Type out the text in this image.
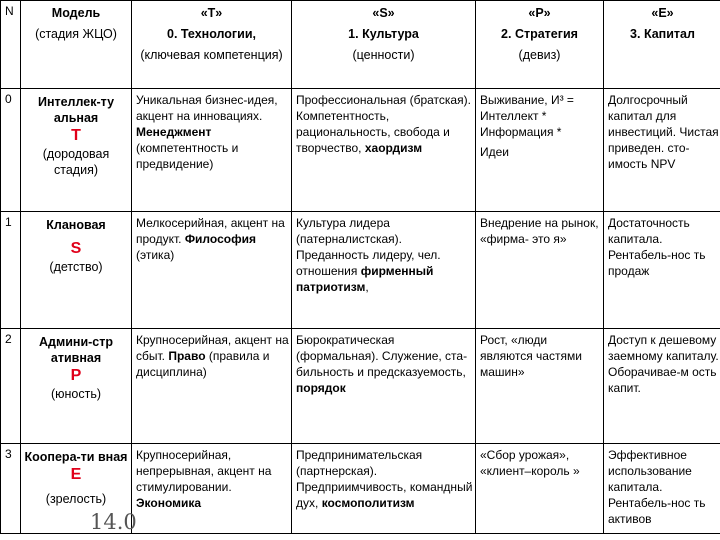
N	Модель
(стадия ЖЦО)	«T»
0. Технологии,
(ключевая компетенция)	«S»
1. Культура
(ценности)	«P»
2. Стратегия
(девиз)	«E»
3. Капитал

0	Интеллек-ту альная
T
(дородовая стадия)	Уникальная бизнес-идея, акцент на инновациях. Менеджмент (компетентность и предвидение)	Профессиональная (братская). Компетентность, рациональность, свобода и творчество, хаордизм	Выживание, И³ = Интеллект * Информация *
Идеи	Долгосрочный капитал для инвестиций. Чистая приведен. сто-имость NPV

1	Клановая
S
(детство)	Мелкосерийная, акцент на продукт. Философия (этика)	Культура лидера (патерналистская). Преданность лидеру, чел. отношения фирменный патриотизм,	Внедрение на рынок, «фирма- это я»	Достаточность капитала. Рентабель-нос ть продаж

2	Админи-стр ативная
P
(юность)	Крупносерийная, акцент на сбыт. Право (правила и дисциплина)	Бюрократическая (формальная). Служение, ста-бильность и предсказуемость, порядок	Рост, «люди являются частями машин»	Доступ к дешевому заемному капиталу. Оборачивае-м ость капит.

3	Коопера-ти вная
E
(зрелость)	Крупносерийная, непрерывная, акцент на стимулировании. Экономика	Предпринимательская (партнерская). Предприимчивость, командный дух, космополитизм	«Сбор урожая», «клиент–король »	Эффективное использование капитала. Рентабель-нос ть активов
14.0
